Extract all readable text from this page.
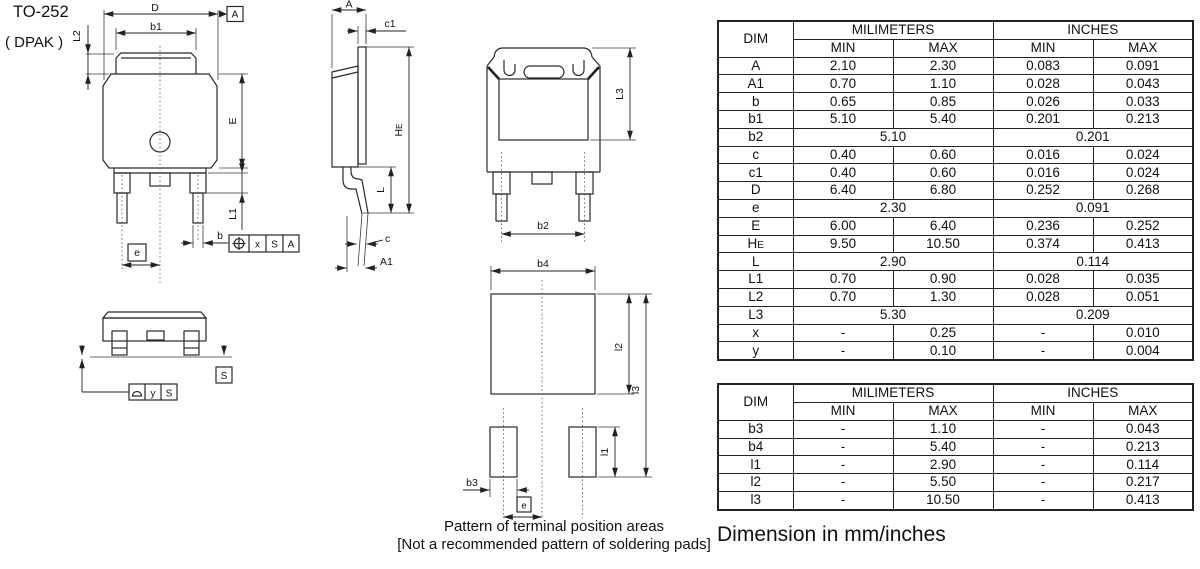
TO-252
( DPAK )
D
A
b1
L2
E
L1
b
x S A
e
A
c1
HE
L
c
A1
b2
L3
y S
S
b4
l2
l3
l1
b3
e
Pattern of terminal position areas
[Not a recommended pattern of soldering pads]
DIM	MILIMETERS		INCHES	
	MIN	MAX	MIN	MAX
A	2.10	2.30	0.083	0.091
A1	0.70	1.10	0.028	0.043
b	0.65	0.85	0.026	0.033
b1	5.10	5.40	0.201	0.213
b2	5.10		0.201	
c	0.40	0.60	0.016	0.024
c1	0.40	0.60	0.016	0.024
D	6.40	6.80	0.252	0.268
e	2.30		0.091	
E	6.00	6.40	0.236	0.252
HE	9.50	10.50	0.374	0.413
L	2.90		0.114	
L1	0.70	0.90	0.028	0.035
L2	0.70	1.30	0.028	0.051
L3	5.30		0.209	
x	-	0.25	-	0.010
y	-	0.10	-	0.004
DIM	MILIMETERS		INCHES	
	MIN	MAX	MIN	MAX
b3	-	1.10	-	0.043
b4	-	5.40	-	0.213
l1	-	2.90	-	0.114
l2	-	5.50	-	0.217
l3	-	10.50	-	0.413
Dimension in mm/inches
